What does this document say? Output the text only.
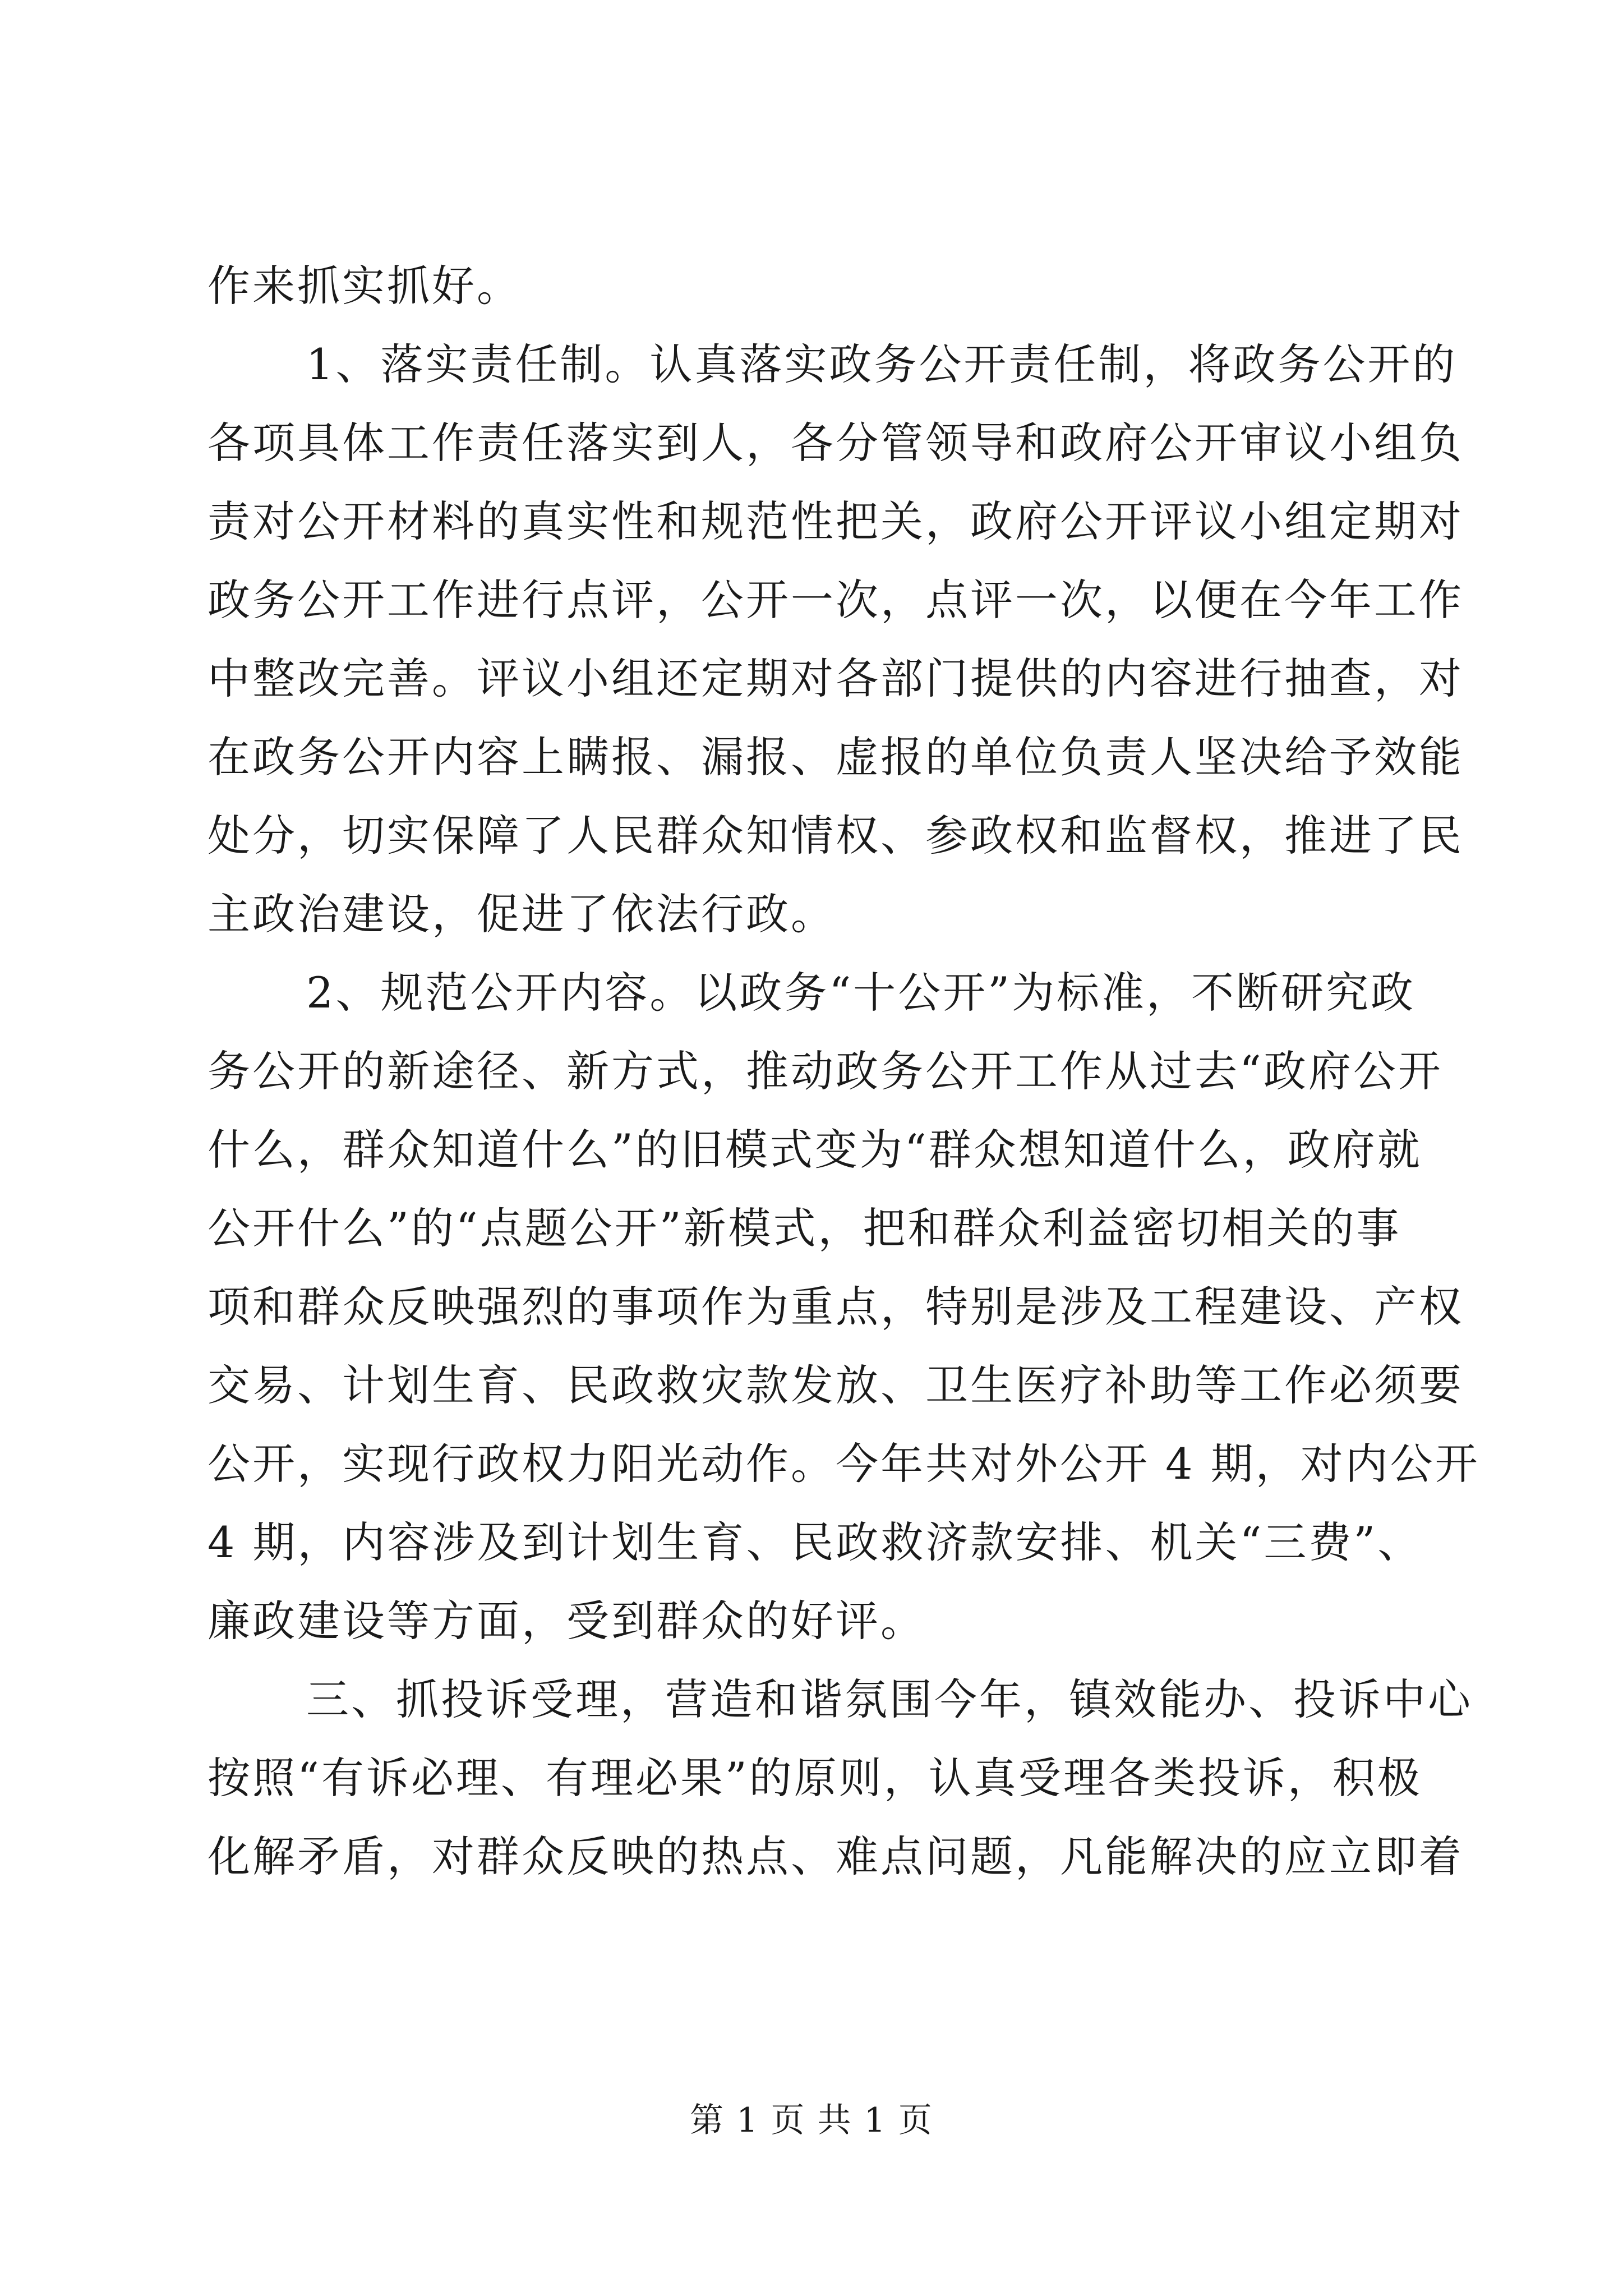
作来抓实抓好。
1、落实责任制。认真落实政务公开责任制，将政务公开的
各项具体工作责任落实到人，各分管领导和政府公开审议小组负
责对公开材料的真实性和规范性把关，政府公开评议小组定期对
政务公开工作进行点评，公开一次，点评一次，以便在今年工作
中整改完善。评议小组还定期对各部门提供的内容进行抽查，对
在政务公开内容上瞒报、漏报、虚报的单位负责人坚决给予效能
处分，切实保障了人民群众知情权、参政权和监督权，推进了民
主政治建设，促进了依法行政。
2、规范公开内容。以政务“十公开”为标准，不断研究政
务公开的新途径、新方式，推动政务公开工作从过去“政府公开
什么，群众知道什么”的旧模式变为“群众想知道什么，政府就
公开什么”的“点题公开”新模式，把和群众利益密切相关的事
项和群众反映强烈的事项作为重点，特别是涉及工程建设、产权
交易、计划生育、民政救灾款发放、卫生医疗补助等工作必须要
公开，实现行政权力阳光动作。今年共对外公开 4 期，对内公开
4 期，内容涉及到计划生育、民政救济款安排、机关“三费”、
廉政建设等方面，受到群众的好评。
三、抓投诉受理，营造和谐氛围今年，镇效能办、投诉中心
按照“有诉必理、有理必果”的原则，认真受理各类投诉，积极
化解矛盾，对群众反映的热点、难点问题，凡能解决的应立即着
第 1 页 共 1 页
